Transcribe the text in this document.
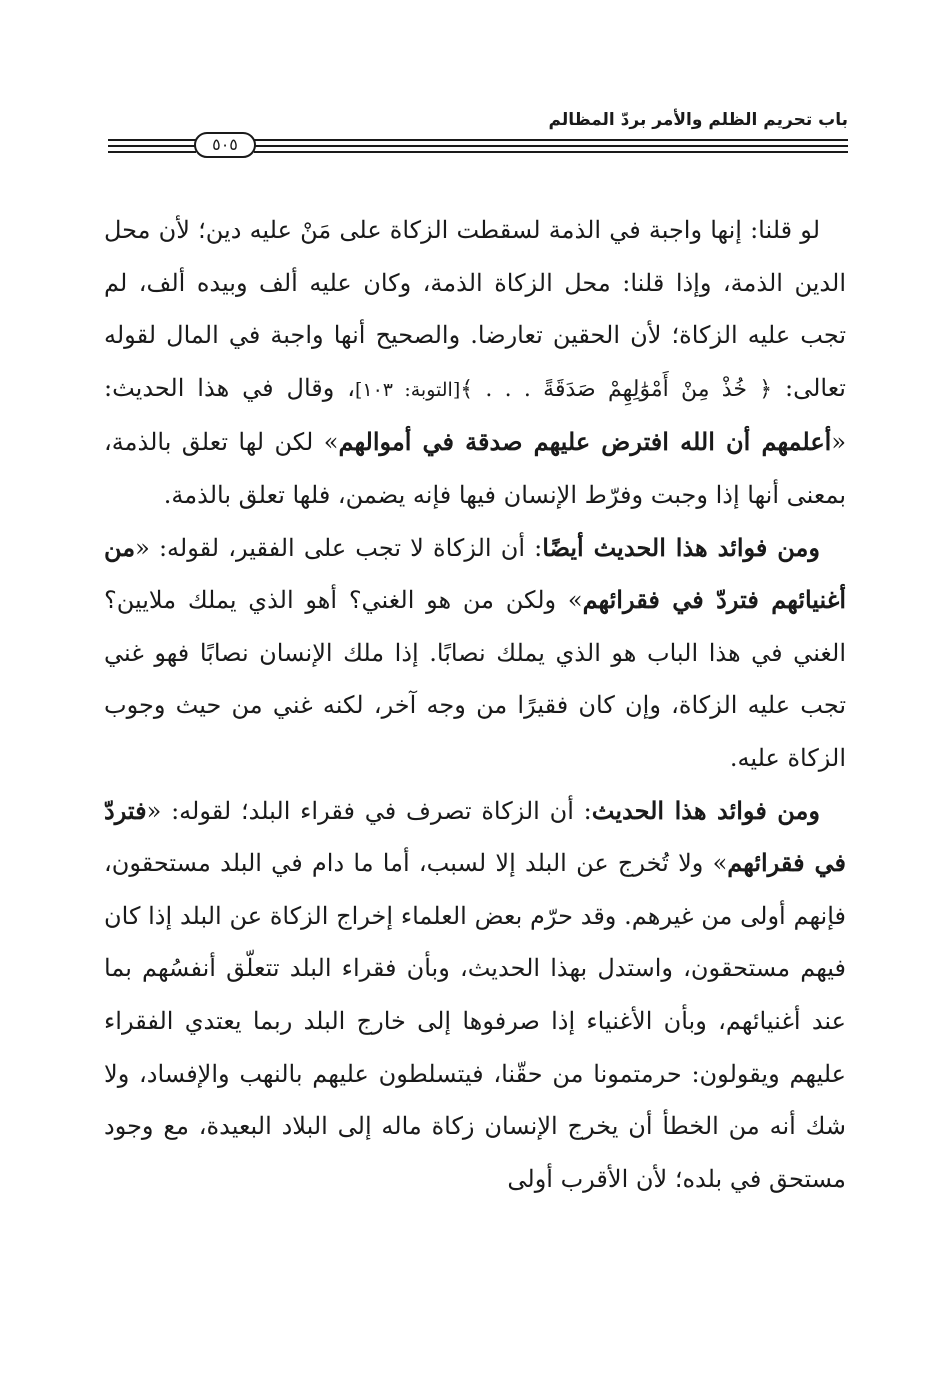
باب تحريم الظلم والأمر بردّ المظالم
٥٠٥

لو قلنا: إنها واجبة في الذمة لسقطت الزكاة على مَنْ عليه دين؛ لأن محل الدين الذمة، وإذا قلنا: محل الزكاة الذمة، وكان عليه ألف وبيده ألف، لم تجب عليه الزكاة؛ لأن الحقين تعارضا. والصحيح أنها واجبة في المال لقوله تعالى: ﴿ خُذْ مِنْ أَمْوَٰلِهِمْ صَدَقَةً . . . ﴾[التوبة: ١٠٣]، وقال في هذا الحديث: «أعلمهم أن الله افترض عليهم صدقة في أموالهم» لكن لها تعلق بالذمة، بمعنى أنها إذا وجبت وفرّط الإنسان فيها فإنه يضمن، فلها تعلق بالذمة.

ومن فوائد هذا الحديث أيضًا: أن الزكاة لا تجب على الفقير، لقوله: «من أغنيائهم فتردّ في فقرائهم» ولكن من هو الغني؟ أهو الذي يملك ملايين؟ الغني في هذا الباب هو الذي يملك نصابًا. إذا ملك الإنسان نصابًا فهو غني تجب عليه الزكاة، وإن كان فقيرًا من وجه آخر، لكنه غني من حيث وجوب الزكاة عليه.

ومن فوائد هذا الحديث: أن الزكاة تصرف في فقراء البلد؛ لقوله: «فتردّ في فقرائهم» ولا تُخرج عن البلد إلا لسبب، أما ما دام في البلد مستحقون، فإنهم أولى من غيرهم. وقد حرّم بعض العلماء إخراج الزكاة عن البلد إذا كان فيهم مستحقون، واستدل بهذا الحديث، وبأن فقراء البلد تتعلّق أنفسُهم بما عند أغنيائهم، وبأن الأغنياء إذا صرفوها إلى خارج البلد ربما يعتدي الفقراء عليهم ويقولون: حرمتمونا من حقّنا، فيتسلطون عليهم بالنهب والإفساد، ولا شك أنه من الخطأ أن يخرج الإنسان زكاة ماله إلى البلاد البعيدة، مع وجود مستحق في بلده؛ لأن الأقرب أولى
